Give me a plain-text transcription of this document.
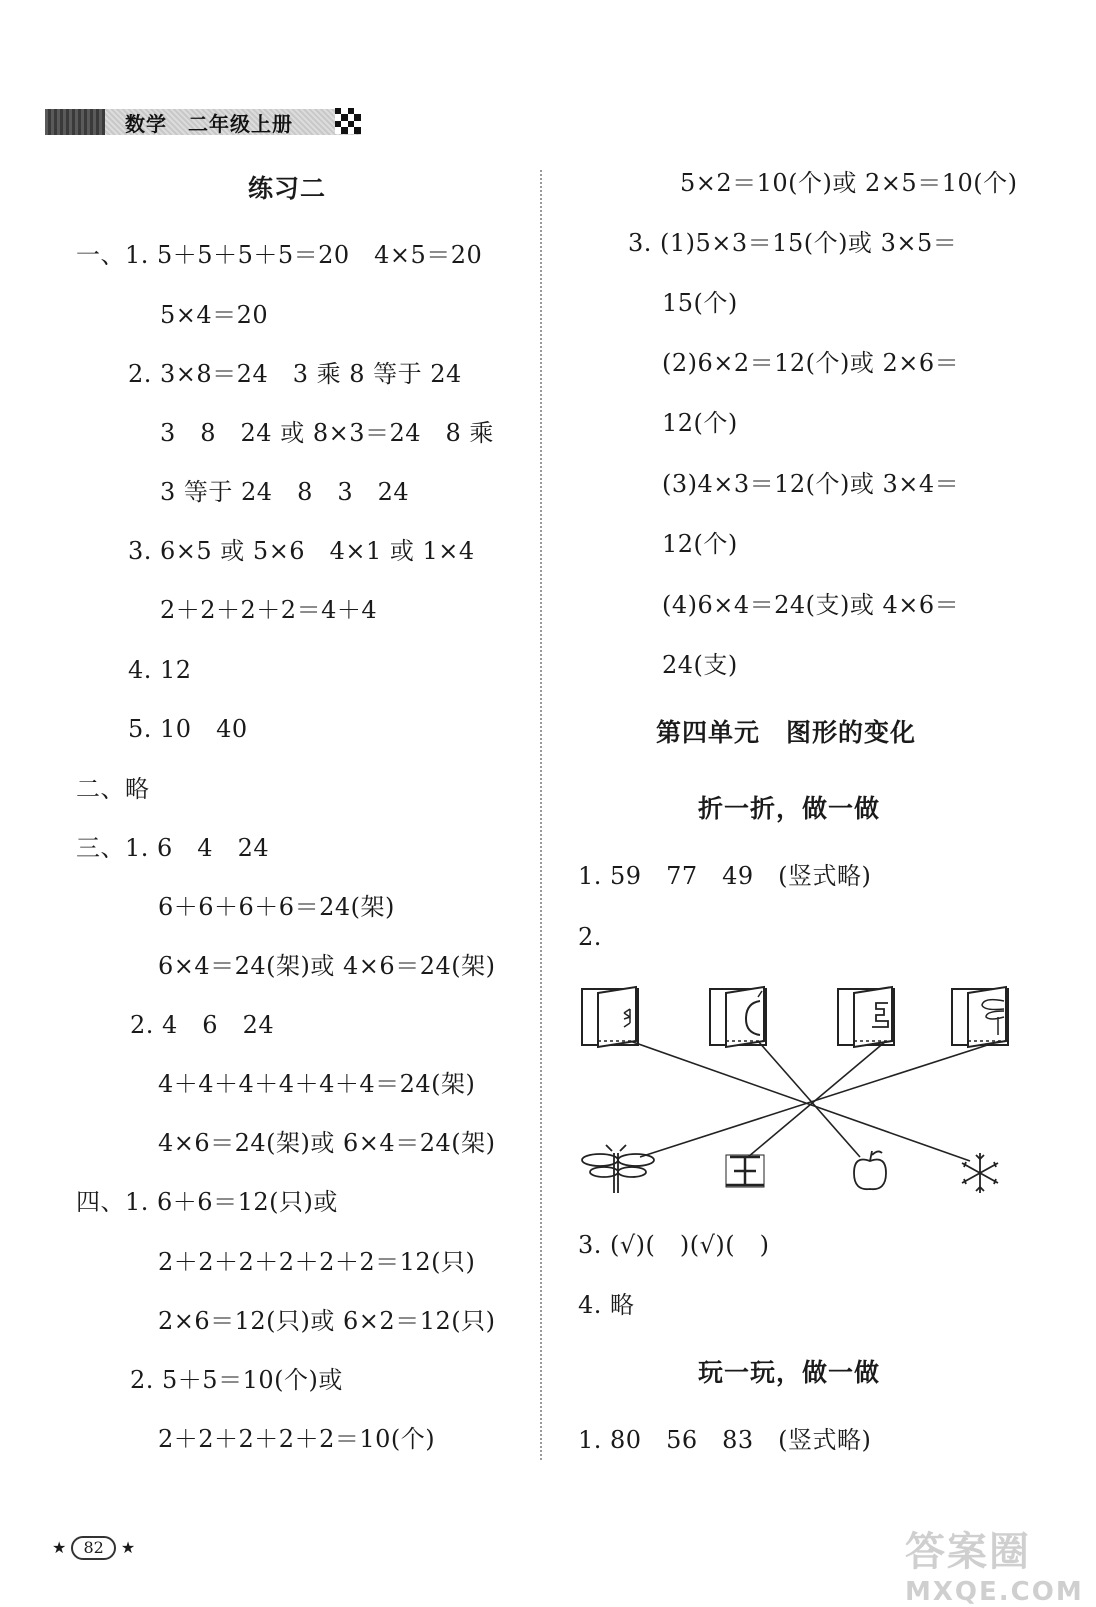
数学　二年级上册
练习二
一、1. 5＋5＋5＋5＝20　4×5＝20
5×4＝20
2. 3×8＝24　3 乘 8 等于 24
3　8　24 或 8×3＝24　8 乘
3 等于 24　8　3　24
3. 6×5 或 5×6　4×1 或 1×4
2＋2＋2＋2＝4＋4
4. 12
5. 10　40
二、略
三、1. 6　4　24
6＋6＋6＋6＝24(架)
6×4＝24(架)或 4×6＝24(架)
2. 4　6　24
4＋4＋4＋4＋4＋4＝24(架)
4×6＝24(架)或 6×4＝24(架)
四、1. 6＋6＝12(只)或
2＋2＋2＋2＋2＋2＝12(只)
2×6＝12(只)或 6×2＝12(只)
2. 5＋5＝10(个)或
2＋2＋2＋2＋2＝10(个)
5×2＝10(个)或 2×5＝10(个)
3. (1)5×3＝15(个)或 3×5＝
15(个)
(2)6×2＝12(个)或 2×6＝
12(个)
(3)4×3＝12(个)或 3×4＝
12(个)
(4)6×4＝24(支)或 4×6＝
24(支)
第四单元　图形的变化
折一折，做一做
1. 59　77　49　(竖式略)
2.
3. (√)(　)(√)(　)
4. 略
玩一玩，做一做
1. 80　56　83　(竖式略)
★ 82 ★	答案圈
MXQE.COM
